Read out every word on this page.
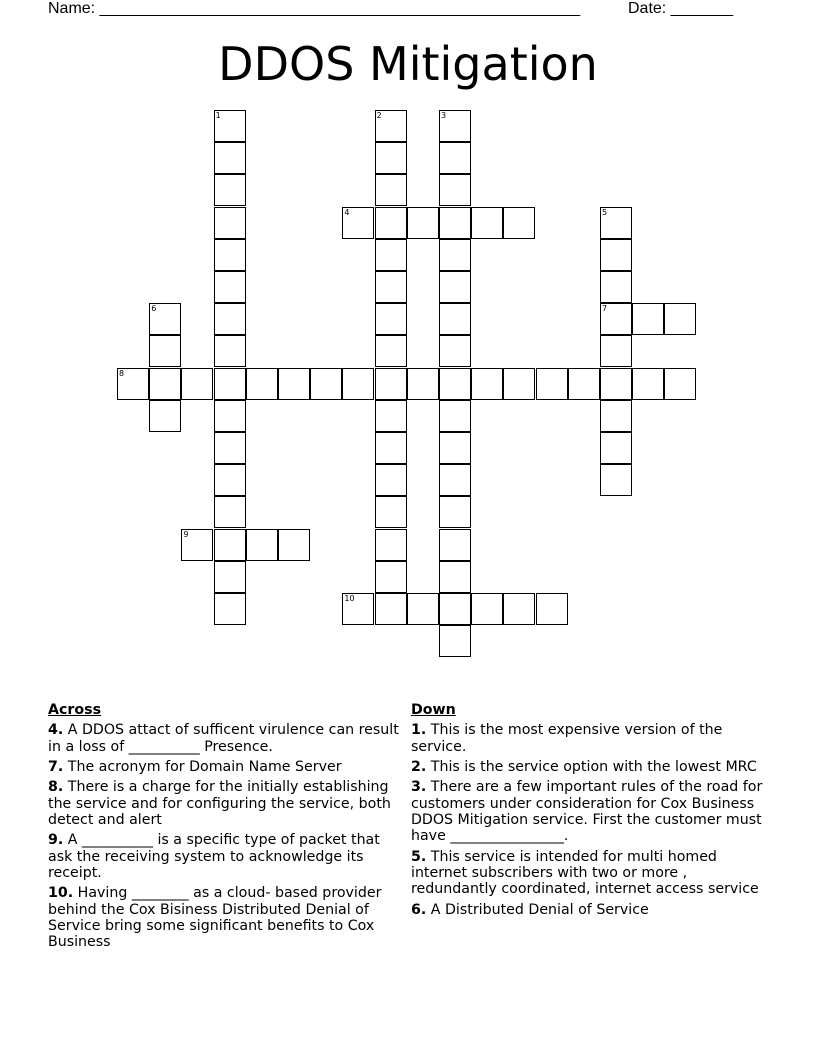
Name: ______________________________________________________	Date: _______
DDOS Mitigation
1	2	3
4	5
7
6
8
9
10
Across
4. A DDOS attact of sufficent virulence can result in a loss of __________ Presence.
7. The acronym for Domain Name Server
8. There is a charge for the initially establishing the service and for configuring the service, both detect and alert
9. A __________ is a specific type of packet that ask the receiving system to acknowledge its receipt.
10. Having ________ as a cloud- based provider behind the Cox Bisiness Distributed Denial of Service bring some significant benefits to Cox Business
Down
1. This is the most expensive version of the service.
2. This is the service option with the lowest MRC
3. There are a few important rules of the road for customers under consideration for Cox Business DDOS Mitigation service. First the customer must have ________________.
5. This service is intended for multi homed internet subscribers with two or more , redundantly coordinated, internet access service
6. A Distributed Denial of Service
